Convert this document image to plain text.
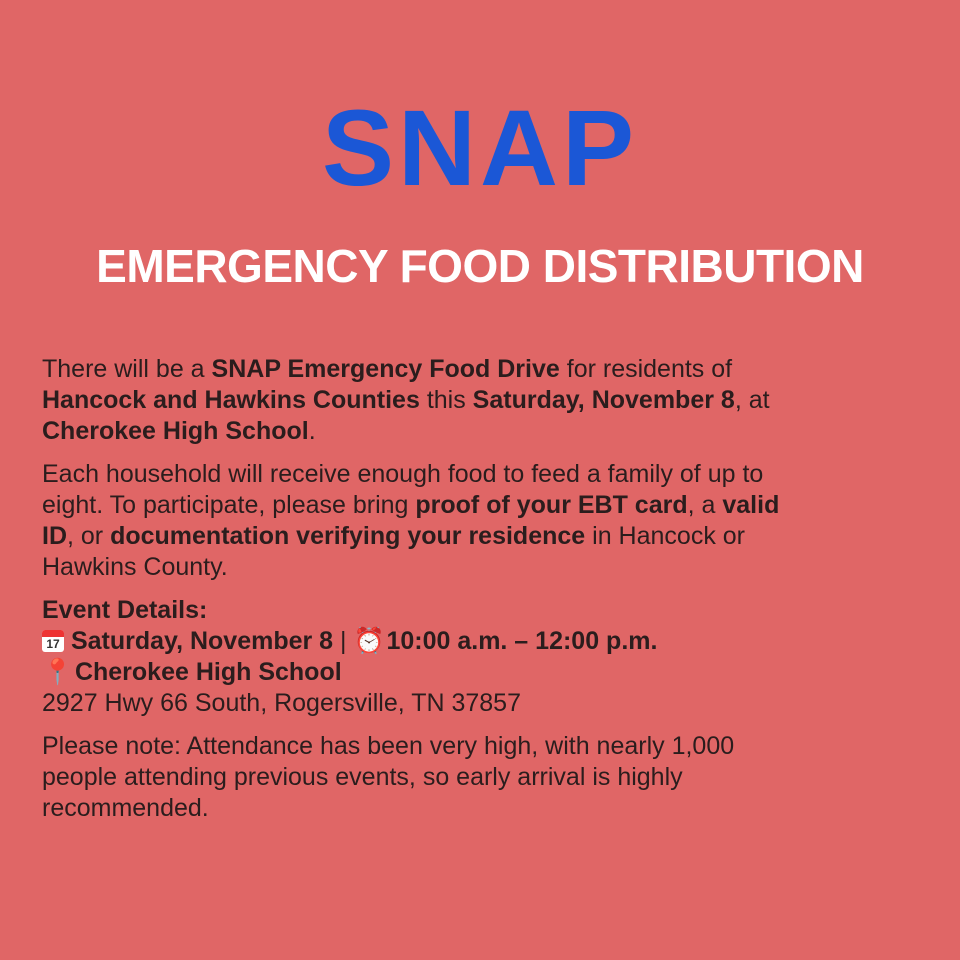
SNAP
EMERGENCY FOOD DISTRIBUTION
There will be a SNAP Emergency Food Drive for residents of
Hancock and Hawkins Counties this Saturday, November 8, at
Cherokee High School.
Each household will receive enough food to feed a family of up to
eight. To participate, please bring proof of your EBT card, a valid
ID, or documentation verifying your residence in Hancock or
Hawkins County.
Event Details:
17 Saturday, November 8 | ⏰ 10:00 a.m. – 12:00 p.m.
📍 Cherokee High School
2927 Hwy 66 South, Rogersville, TN 37857
Please note: Attendance has been very high, with nearly 1,000
people attending previous events, so early arrival is highly
recommended.
